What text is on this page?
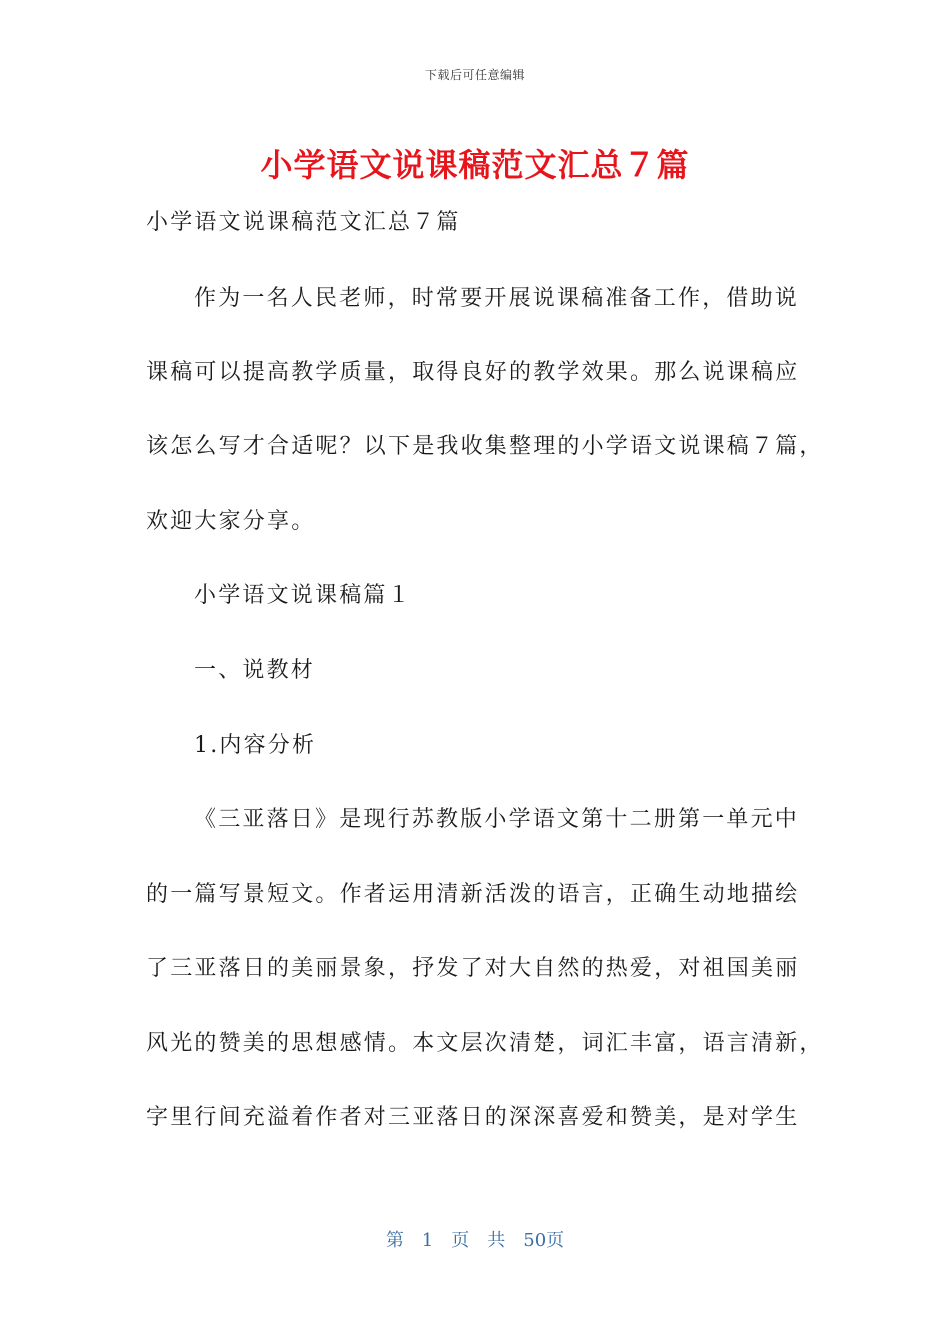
下载后可任意编辑
小学语文说课稿范文汇总７篇

小学语文说课稿范文汇总７篇

作为一名人民老师，时常要开展说课稿准备工作，借助说

课稿可以提高教学质量，取得良好的教学效果。那么说课稿应

该怎么写才合适呢？以下是我收集整理的小学语文说课稿７篇，

欢迎大家分享。

小学语文说课稿篇１

一、说教材

1.内容分析

《三亚落日》是现行苏教版小学语文第十二册第一单元中

的一篇写景短文。作者运用清新活泼的语言，正确生动地描绘

了三亚落日的美丽景象，抒发了对大自然的热爱，对祖国美丽

风光的赞美的思想感情。本文层次清楚，词汇丰富，语言清新，

字里行间充溢着作者对三亚落日的深深喜爱和赞美，是对学生

第　1　页　共　50页
